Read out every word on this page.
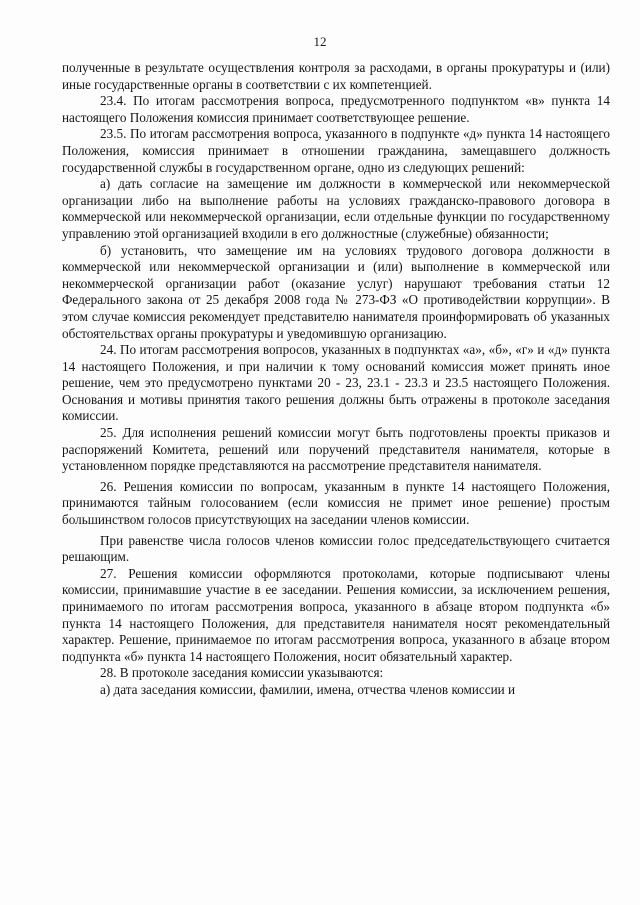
12

полученные в результате осуществления контроля за расходами, в органы прокуратуры и (или) иные государственные органы в соответствии с их компетенцией.

23.4. По итогам рассмотрения вопроса, предусмотренного подпунктом «в» пункта 14 настоящего Положения комиссия принимает соответствующее решение.

23.5. По итогам рассмотрения вопроса, указанного в подпункте «д» пункта 14 настоящего Положения, комиссия принимает в отношении гражданина, замещавшего должность государственной службы в государственном органе, одно из следующих решений:

а) дать согласие на замещение им должности в коммерческой или некоммерческой организации либо на выполнение работы на условиях гражданско-правового договора в коммерческой или некоммерческой организации, если отдельные функции по государственному управлению этой организацией входили в его должностные (служебные) обязанности;

б) установить, что замещение им на условиях трудового договора должности в коммерческой или некоммерческой организации и (или) выполнение в коммерческой или некоммерческой организации работ (оказание услуг) нарушают требования статьи 12 Федерального закона от 25 декабря 2008 года № 273-ФЗ «О противодействии коррупции». В этом случае комиссия рекомендует представителю нанимателя проинформировать об указанных обстоятельствах органы прокуратуры и уведомившую организацию.

24. По итогам рассмотрения вопросов, указанных в подпунктах «а», «б», «г» и «д» пункта 14 настоящего Положения, и при наличии к тому оснований комиссия может принять иное решение, чем это предусмотрено пунктами 20 - 23, 23.1 - 23.3 и 23.5 настоящего Положения. Основания и мотивы принятия такого решения должны быть отражены в протоколе заседания комиссии.

25. Для исполнения решений комиссии могут быть подготовлены проекты приказов и распоряжений Комитета, решений или поручений представителя нанимателя, которые в установленном порядке представляются на рассмотрение представителя нанимателя.

26. Решения комиссии по вопросам, указанным в пункте 14 настоящего Положения, принимаются тайным голосованием (если комиссия не примет иное решение) простым большинством голосов присутствующих на заседании членов комиссии.

При равенстве числа голосов членов комиссии голос председательствующего считается решающим.

27. Решения комиссии оформляются протоколами, которые подписывают члены комиссии, принимавшие участие в ее заседании. Решения комиссии, за исключением решения, принимаемого по итогам рассмотрения вопроса, указанного в абзаце втором подпункта «б» пункта 14 настоящего Положения, для представителя нанимателя носят рекомендательный характер. Решение, принимаемое по итогам рассмотрения вопроса, указанного в абзаце втором подпункта «б» пункта 14 настоящего Положения, носит обязательный характер.

28. В протоколе заседания комиссии указываются:

а) дата заседания комиссии, фамилии, имена, отчества членов комиссии и
